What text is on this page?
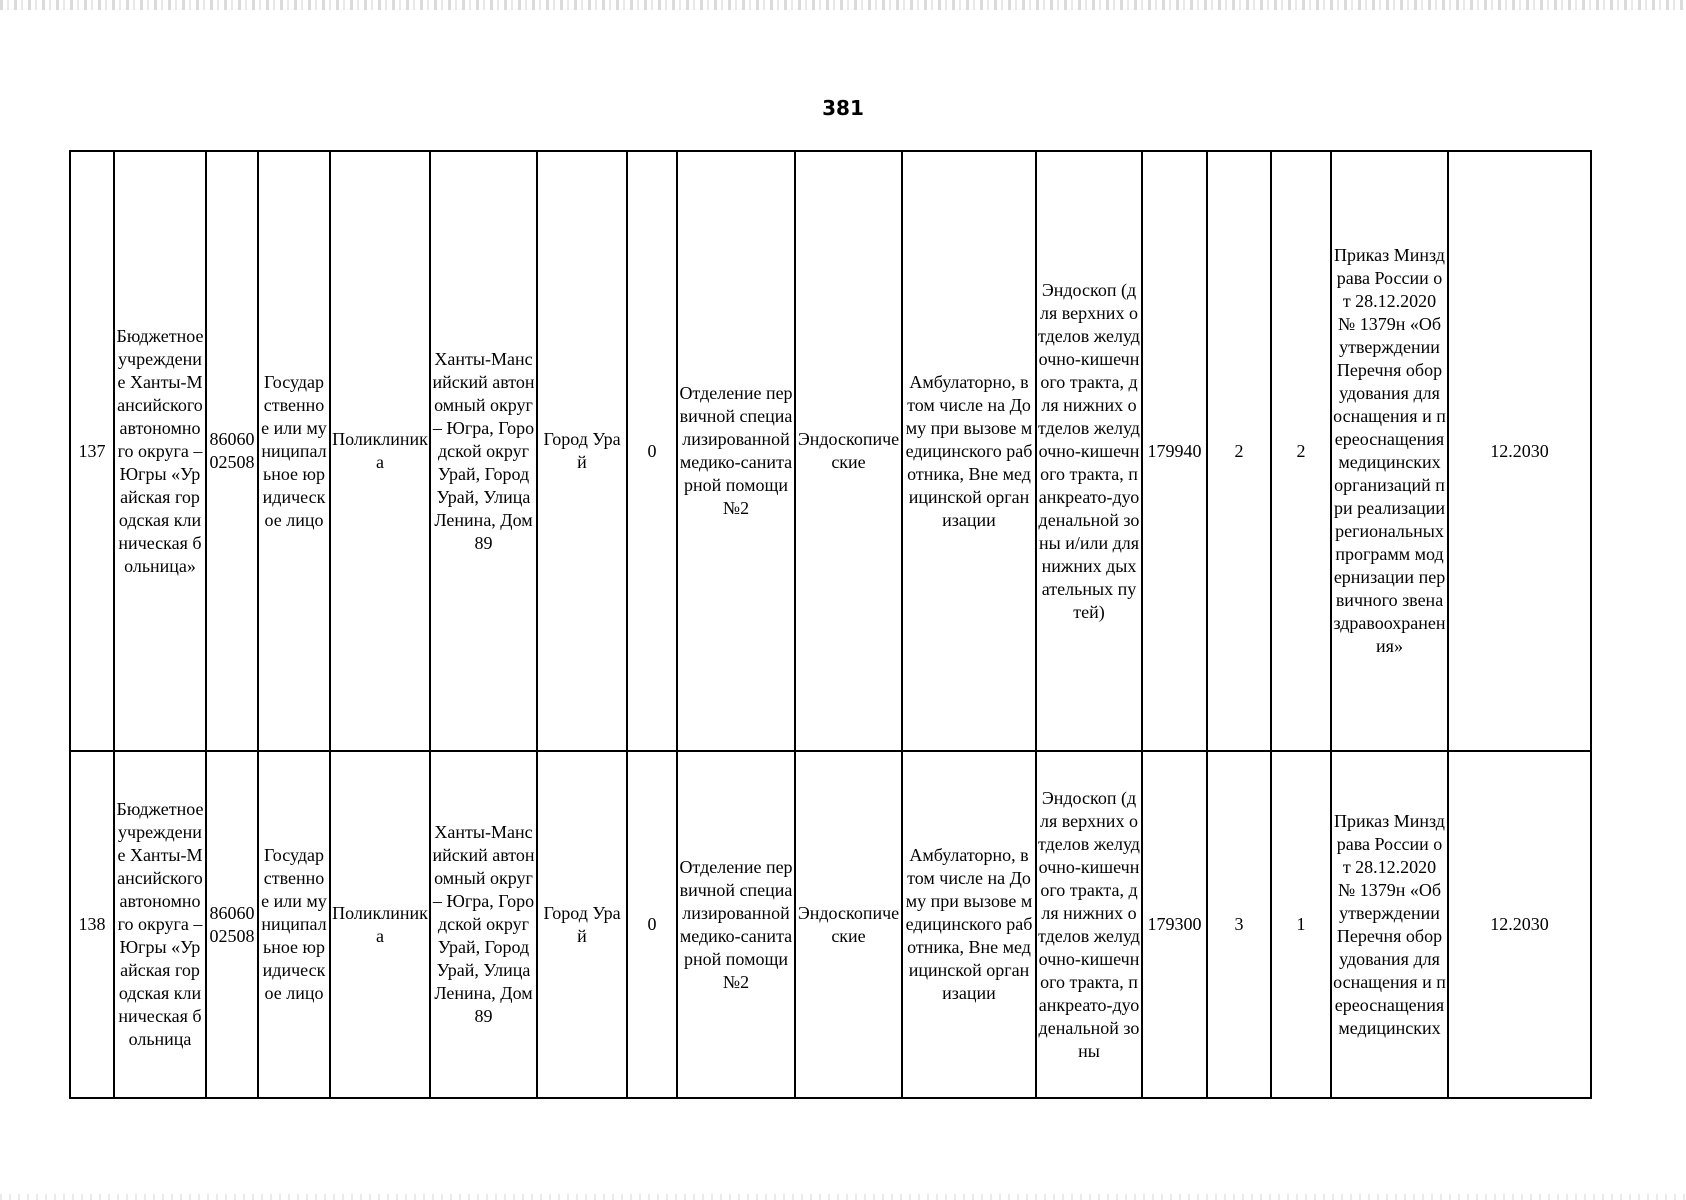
381
137	Бюджетное учреждение Ханты-Мансийского автономного округа – Югры «Урайская городская клиническая больница»	8606002508	Государственное или муниципальное юридическое лицо	Поликлиника	Ханты-Мансийский автономный округ – Югра, Городской округ Урай, Город Урай, Улица Ленина, Дом 89	Город Урай	0	Отделение первичной специализированной медико-санитарной помощи №2	Эндоскопические	Амбулаторно, в том числе на Дому при вызове медицинского работника, Вне медицинской организации	Эндоскоп (для верхних отделов желудочно-кишечного тракта, для нижних отделов желудочно-кишечного тракта, панкреато-дуоденальной зоны и/или для нижних дыхательных путей)	179940	2	2	Приказ Минздрава России от 28.12.2020 № 1379н «Об утверждении Перечня оборудования для оснащения и переоснащения медицинских организаций при реализации региональных программ модернизации первичного звена здравоохранения»	12.2030
138	Бюджетное учреждение Ханты-Мансийского автономного округа – Югры «Урайская городская клиническая больница	8606002508	Государственное или муниципальное юридическое лицо	Поликлиника	Ханты-Мансийский автономный округ – Югра, Городской округ Урай, Город Урай, Улица Ленина, Дом 89	Город Урай	0	Отделение первичной специализированной медико-санитарной помощи №2	Эндоскопические	Амбулаторно, в том числе на Дому при вызове медицинского работника, Вне медицинской организации	Эндоскоп (для верхних отделов желудочно-кишечного тракта, для нижних отделов желудочно-кишечного тракта, панкреато-дуоденальной зоны	179300	3	1	Приказ Минздрава России от 28.12.2020 № 1379н «Об утверждении Перечня оборудования для оснащения и переоснащения медицинских	12.2030
